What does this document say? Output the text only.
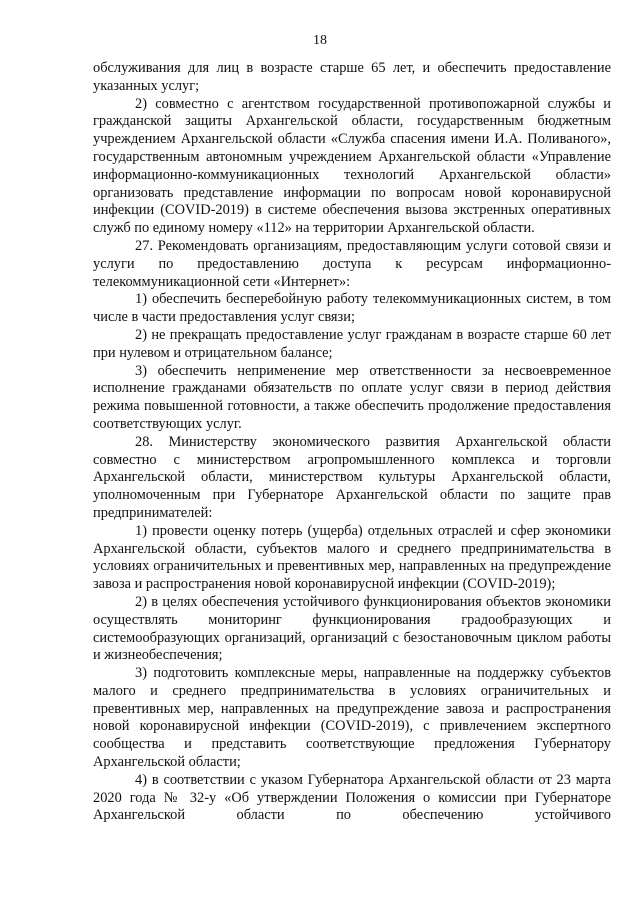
18

обслуживания для лиц в возрасте старше 65 лет, и обеспечить предоставление указанных услуг;

2) совместно с агентством государственной противопожарной службы и гражданской защиты Архангельской области, государственным бюджетным учреждением Архангельской области «Служба спасения имени И.А. Поливаного», государственным автономным учреждением Архангельской области «Управление информационно-коммуникационных технологий Архангельской области» организовать представление информации по вопросам новой коронавирусной инфекции (COVID-2019) в системе обеспечения вызова экстренных оперативных служб по единому номеру «112» на территории Архангельской области.

27. Рекомендовать организациям, предоставляющим услуги сотовой связи и услуги по предоставлению доступа к ресурсам информационно-телекоммуникационной сети «Интернет»:

1) обеспечить бесперебойную работу телекоммуникационных систем, в том числе в части предоставления услуг связи;

2) не прекращать предоставление услуг гражданам в возрасте старше 60 лет при нулевом и отрицательном балансе;

3) обеспечить неприменение мер ответственности за несвоевременное исполнение гражданами обязательств по оплате услуг связи в период действия режима повышенной готовности, а также обеспечить продолжение предоставления соответствующих услуг.

28. Министерству экономического развития Архангельской области совместно с министерством агропромышленного комплекса и торговли Архангельской области, министерством культуры Архангельской области, уполномоченным при Губернаторе Архангельской области по защите прав предпринимателей:

1) провести оценку потерь (ущерба) отдельных отраслей и сфер экономики Архангельской области, субъектов малого и среднего предпринимательства в условиях ограничительных и превентивных мер, направленных на предупреждение завоза и распространения новой коронавирусной инфекции (COVID-2019);

2) в целях обеспечения устойчивого функционирования объектов экономики осуществлять мониторинг функционирования градообразующих и системообразующих организаций, организаций с безостановочным циклом работы и жизнеобеспечения;

3) подготовить комплексные меры, направленные на поддержку субъектов малого и среднего предпринимательства в условиях ограничительных и превентивных мер, направленных на предупреждение завоза и распространения новой коронавирусной инфекции (COVID-2019), с привлечением экспертного сообщества и представить соответствующие предложения Губернатору Архангельской области;

4) в соответствии с указом Губернатора Архангельской области от 23 марта 2020 года № 32-у «Об утверждении Положения о комиссии при Губернаторе Архангельской области по обеспечению устойчивого
